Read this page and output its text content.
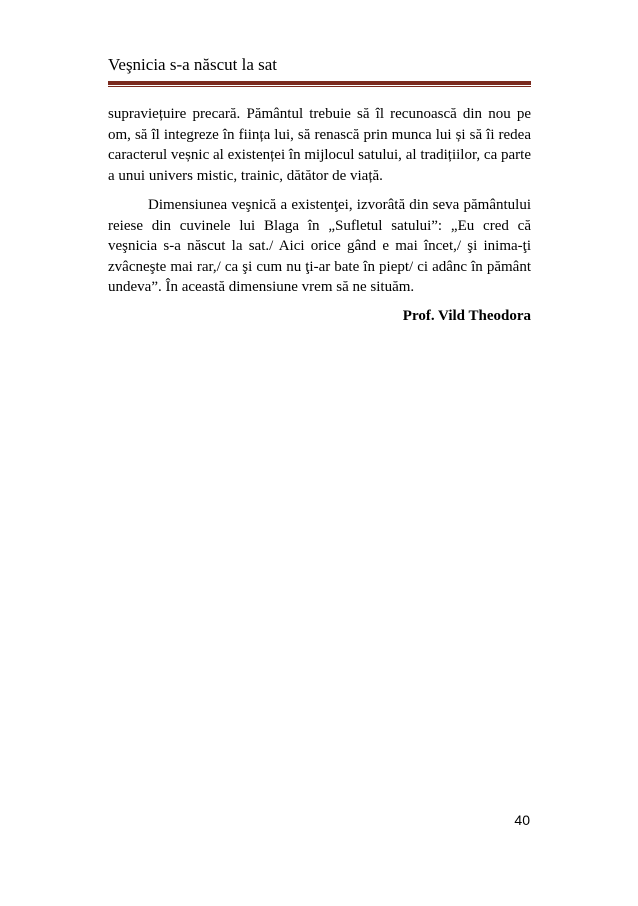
Veşnicia s-a născut la sat

supraviețuire precară. Pământul trebuie să îl recunoască din nou pe om, să îl integreze în ființa lui, să renască prin munca lui și să îi redea caracterul veșnic al existenței în mijlocul satului, al tradițiilor, ca parte a unui univers mistic, trainic, dătător de viață.

Dimensiunea veşnică a existenţei, izvorâtă din seva pământului reiese din cuvinele lui Blaga în „Sufletul satului”: „Eu cred că veşnicia s-a născut la sat./ Aici orice gând e mai încet,/ şi inima-ţi zvâcneşte mai rar,/ ca şi cum nu ţi-ar bate în piept/ ci adânc în pământ undeva”. În această dimensiune vrem să ne situăm.

Prof. Vild Theodora

40
